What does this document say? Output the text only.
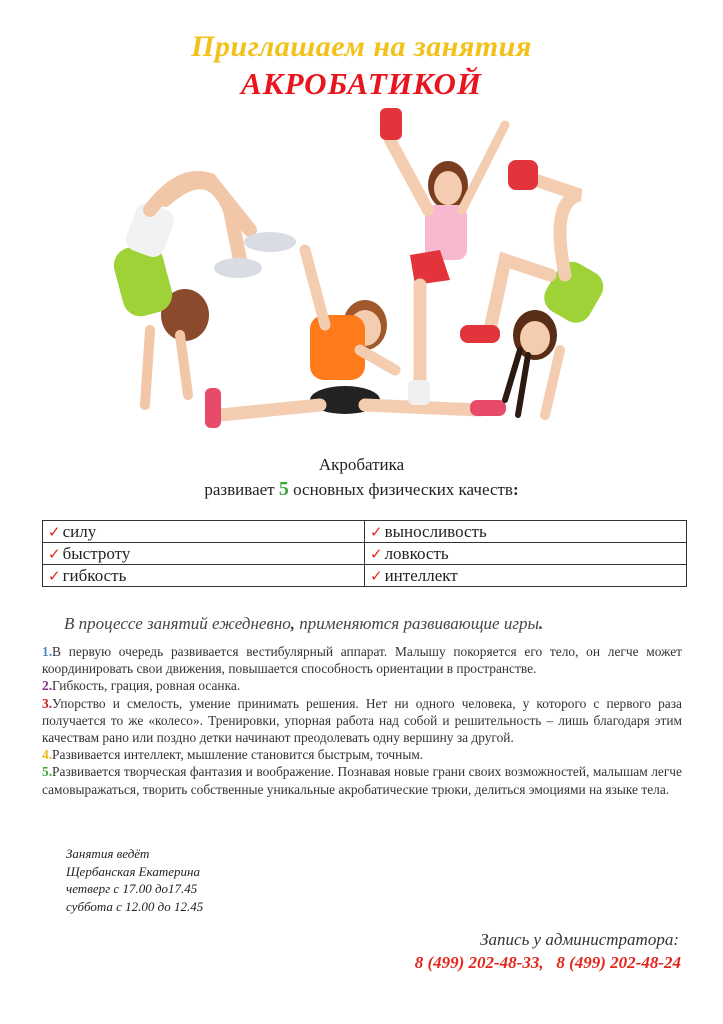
Приглашаем на занятия
АКРОБАТИКОЙ
Акробатика
развивает 5 основных физических качеств:
✓ силу	✓ выносливость
✓ быстроту	✓ ловкость
✓ гибкость	✓ интеллект
В процессе занятий ежедневно, применяются развивающие игры.

1.В первую очередь развивается вестибулярный аппарат. Малышу покоряется его тело, он легче может координировать свои движения, повышается способность ориентации в пространстве.

2.Гибкость, грация, ровная осанка.

3.Упорство и смелость, умение принимать решения. Нет ни одного человека, у которого с первого раза получается то же «колесо». Тренировки, упорная работа над собой и решительность – лишь благодаря этим качествам рано или поздно детки начинают преодолевать одну вершину за другой.

4.Развивается интеллект, мышление становится быстрым, точным.

5.Развивается творческая фантазия и воображение. Познавая новые грани своих возможностей, малышам легче самовыражаться, творить собственные уникальные акробатические трюки, делиться эмоциями на языке тела.

Занятия ведёт
Щербанская Екатерина
четверг с 17.00 до17.45
суббота с 12.00 до 12.45
Запись у администратора:
8 (499) 202-48-33,   8 (499) 202-48-24
